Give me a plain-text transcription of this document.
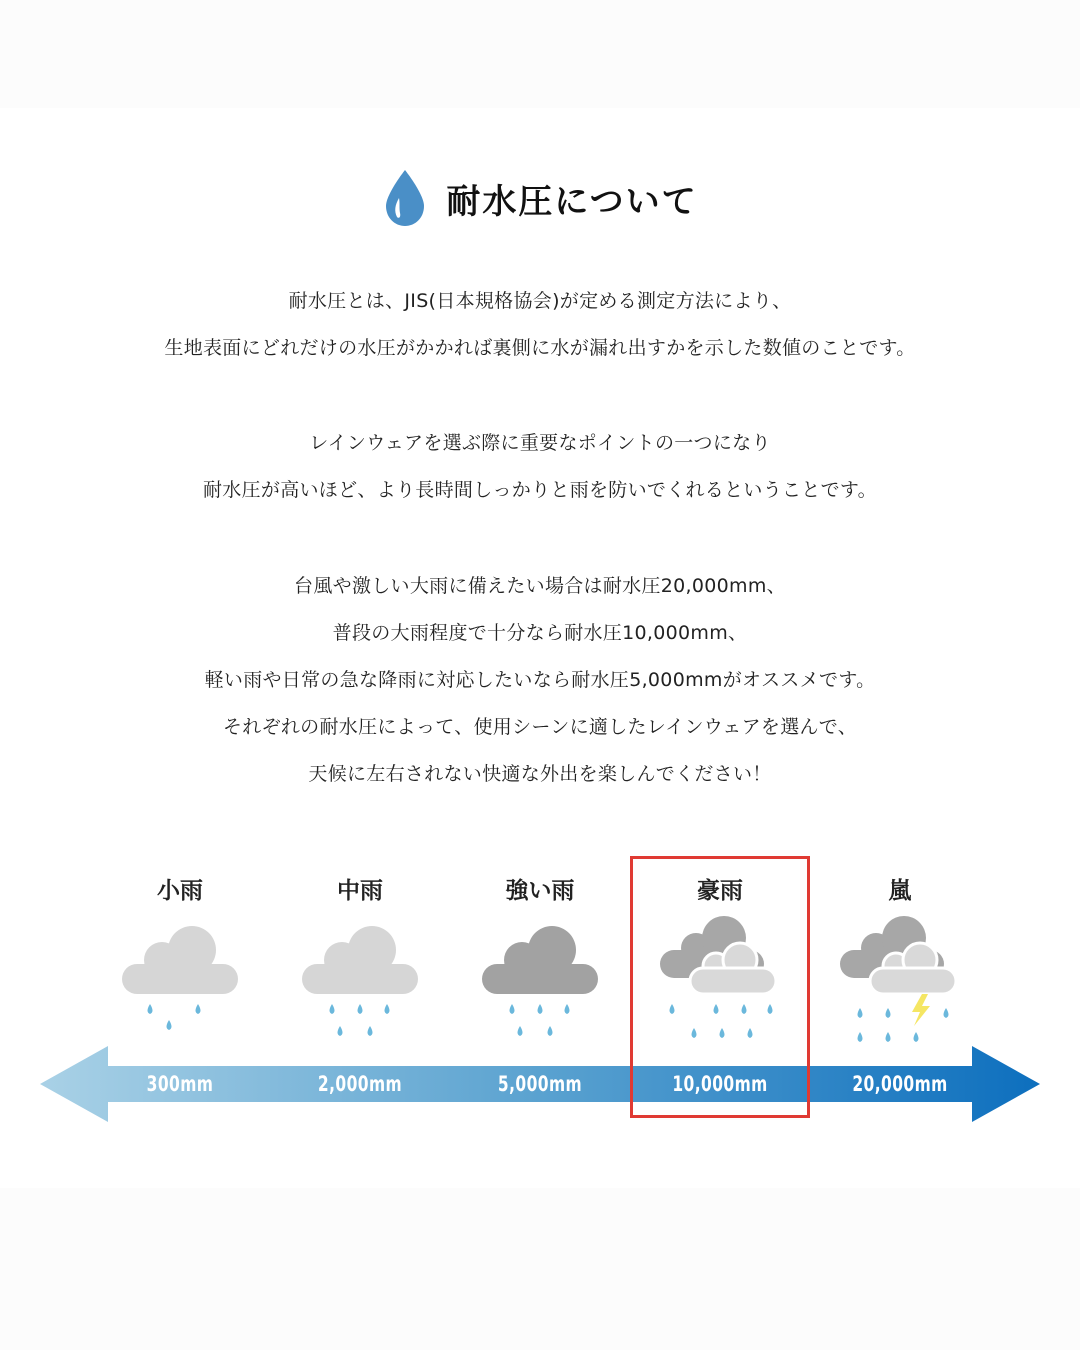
耐水圧について
耐水圧とは、JIS(日本規格協会)が定める測定方法により、
生地表面にどれだけの水圧がかかれば裏側に水が漏れ出すかを示した数値のことです。
レインウェアを選ぶ際に重要なポイントの一つになり
耐水圧が高いほど、より長時間しっかりと雨を防いでくれるということです。
台風や激しい大雨に備えたい場合は耐水圧20,000mm、
普段の大雨程度で十分なら耐水圧10,000mm、
軽い雨や日常の急な降雨に対応したいなら耐水圧5,000mmがオススメです。
それぞれの耐水圧によって、使用シーンに適したレインウェアを選んで、
天候に左右されない快適な外出を楽しんでください！
小雨	中雨	強い雨	豪雨	嵐
300mm	2,000mm	5,000mm	10,000mm	20,000mm
